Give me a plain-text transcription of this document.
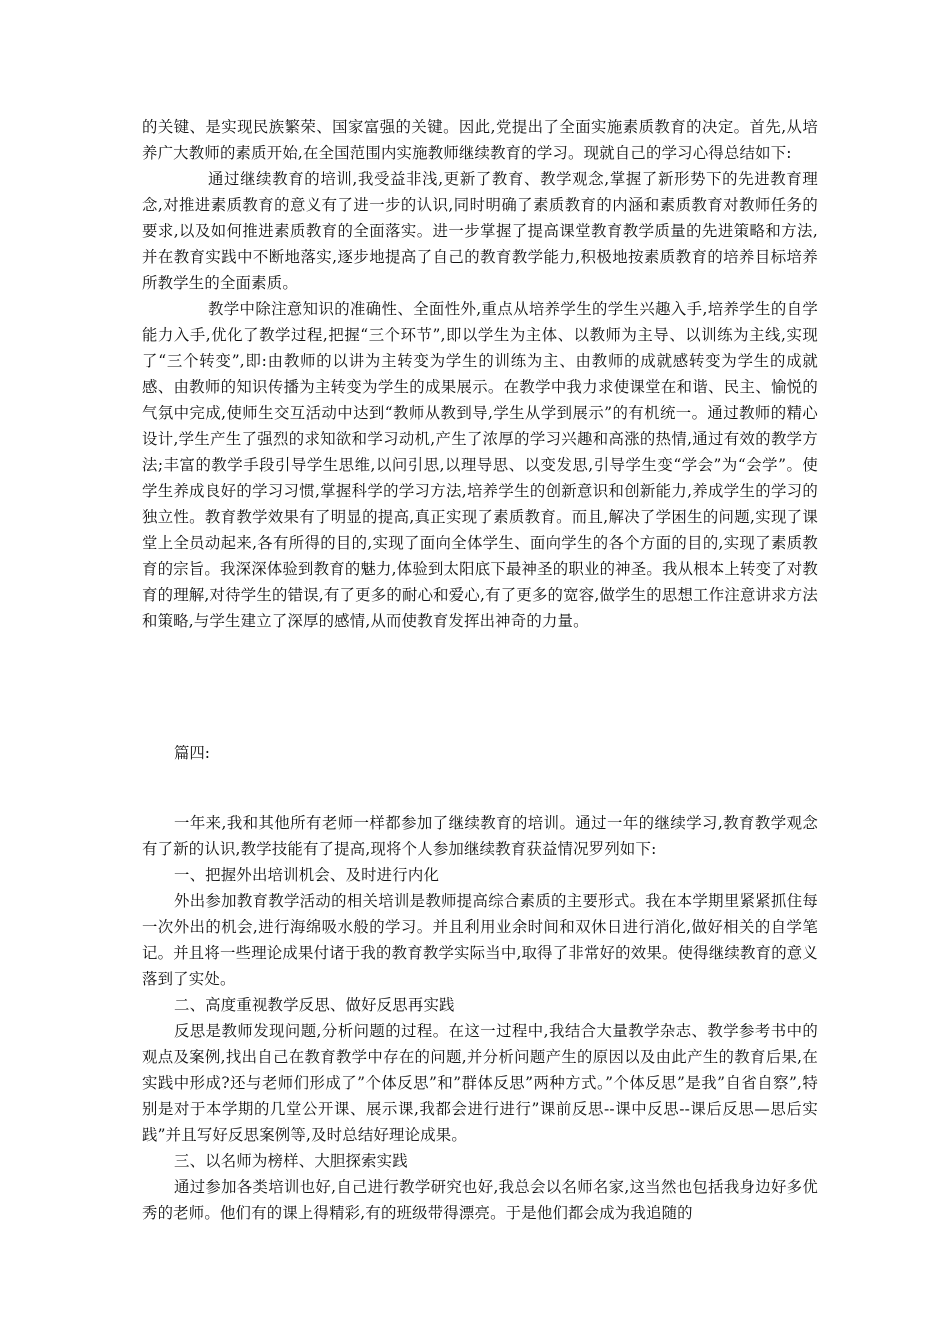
的关键、是实现民族繁荣、国家富强的关键。因此,党提出了全面实施素质教育的决定。首先,从培养广大教师的素质开始,在全国范围内实施教师继续教育的学习。现就自己的学习心得总结如下:

通过继续教育的培训,我受益非浅,更新了教育、教学观念,掌握了新形势下的先进教育理念,对推进素质教育的意义有了进一步的认识,同时明确了素质教育的内涵和素质教育对教师任务的要求,以及如何推进素质教育的全面落实。进一步掌握了提高课堂教育教学质量的先进策略和方法,并在教育实践中不断地落实,逐步地提高了自己的教育教学能力,积极地按素质教育的培养目标培养所教学生的全面素质。

教学中除注意知识的准确性、全面性外,重点从培养学生的学生兴趣入手,培养学生的自学能力入手,优化了教学过程,把握“三个环节”,即以学生为主体、以教师为主导、以训练为主线,实现了“三个转变”,即:由教师的以讲为主转变为学生的训练为主、由教师的成就感转变为学生的成就感、由教师的知识传播为主转变为学生的成果展示。在教学中我力求使课堂在和谐、民主、愉悦的气氛中完成,使师生交互活动中达到“教师从教到导,学生从学到展示”的有机统一。通过教师的精心设计,学生产生了强烈的求知欲和学习动机,产生了浓厚的学习兴趣和高涨的热情,通过有效的教学方法;丰富的教学手段引导学生思维,以问引思,以理导思、以变发思,引导学生变“学会”为“会学”。使学生养成良好的学习习惯,掌握科学的学习方法,培养学生的创新意识和创新能力,养成学生的学习的独立性。教育教学效果有了明显的提高,真正实现了素质教育。而且,解决了学困生的问题,实现了课堂上全员动起来,各有所得的目的,实现了面向全体学生、面向学生的各个方面的目的,实现了素质教育的宗旨。我深深体验到教育的魅力,体验到太阳底下最神圣的职业的神圣。我从根本上转变了对教育的理解,对待学生的错误,有了更多的耐心和爱心,有了更多的宽容,做学生的思想工作注意讲求方法和策略,与学生建立了深厚的感情,从而使教育发挥出神奇的力量。

篇四:

一年来,我和其他所有老师一样都参加了继续教育的培训。通过一年的继续学习,教育教学观念有了新的认识,教学技能有了提高,现将个人参加继续教育获益情况罗列如下:

一、把握外出培训机会、及时进行内化

外出参加教育教学活动的相关培训是教师提高综合素质的主要形式。我在本学期里紧紧抓住每一次外出的机会,进行海绵吸水般的学习。并且利用业余时间和双休日进行消化,做好相关的自学笔记。并且将一些理论成果付诸于我的教育教学实际当中,取得了非常好的效果。使得继续教育的意义落到了实处。

二、高度重视教学反思、做好反思再实践

反思是教师发现问题,分析问题的过程。在这一过程中,我结合大量教学杂志、教学参考书中的观点及案例,找出自己在教育教学中存在的问题,并分析问题产生的原因以及由此产生的教育后果,在实践中形成?还与老师们形成了”个体反思”和”群体反思”两种方式。”个体反思”是我”自省自察”,特别是对于本学期的几堂公开课、展示课,我都会进行进行”课前反思--课中反思--课后反思—思后实践”并且写好反思案例等,及时总结好理论成果。

三、以名师为榜样、大胆探索实践

通过参加各类培训也好,自己进行教学研究也好,我总会以名师名家,这当然也包括我身边好多优秀的老师。他们有的课上得精彩,有的班级带得漂亮。于是他们都会成为我追随的
